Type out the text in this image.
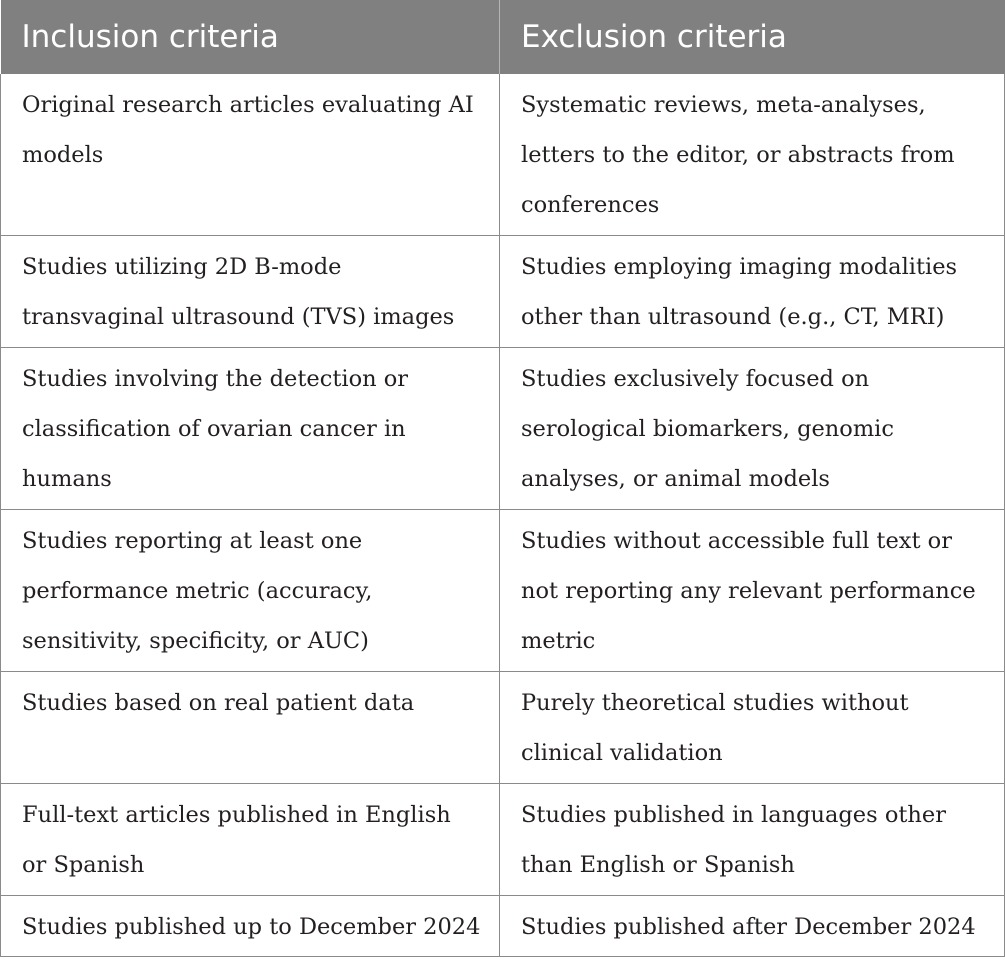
Inclusion criteria	Exclusion criteria
Original research articles evaluating AI models	Systematic reviews, meta-analyses, letters to the editor, or abstracts from conferences
Studies utilizing 2D B-mode transvaginal ultrasound (TVS) images	Studies employing imaging modalities other than ultrasound (e.g., CT, MRI)
Studies involving the detection or classification of ovarian cancer in humans	Studies exclusively focused on serological biomarkers, genomic analyses, or animal models
Studies reporting at least one performance metric (accuracy, sensitivity, specificity, or AUC)	Studies without accessible full text or not reporting any relevant performance metric
Studies based on real patient data	Purely theoretical studies without clinical validation
Full-text articles published in English or Spanish	Studies published in languages other than English or Spanish
Studies published up to December 2024	Studies published after December 2024
